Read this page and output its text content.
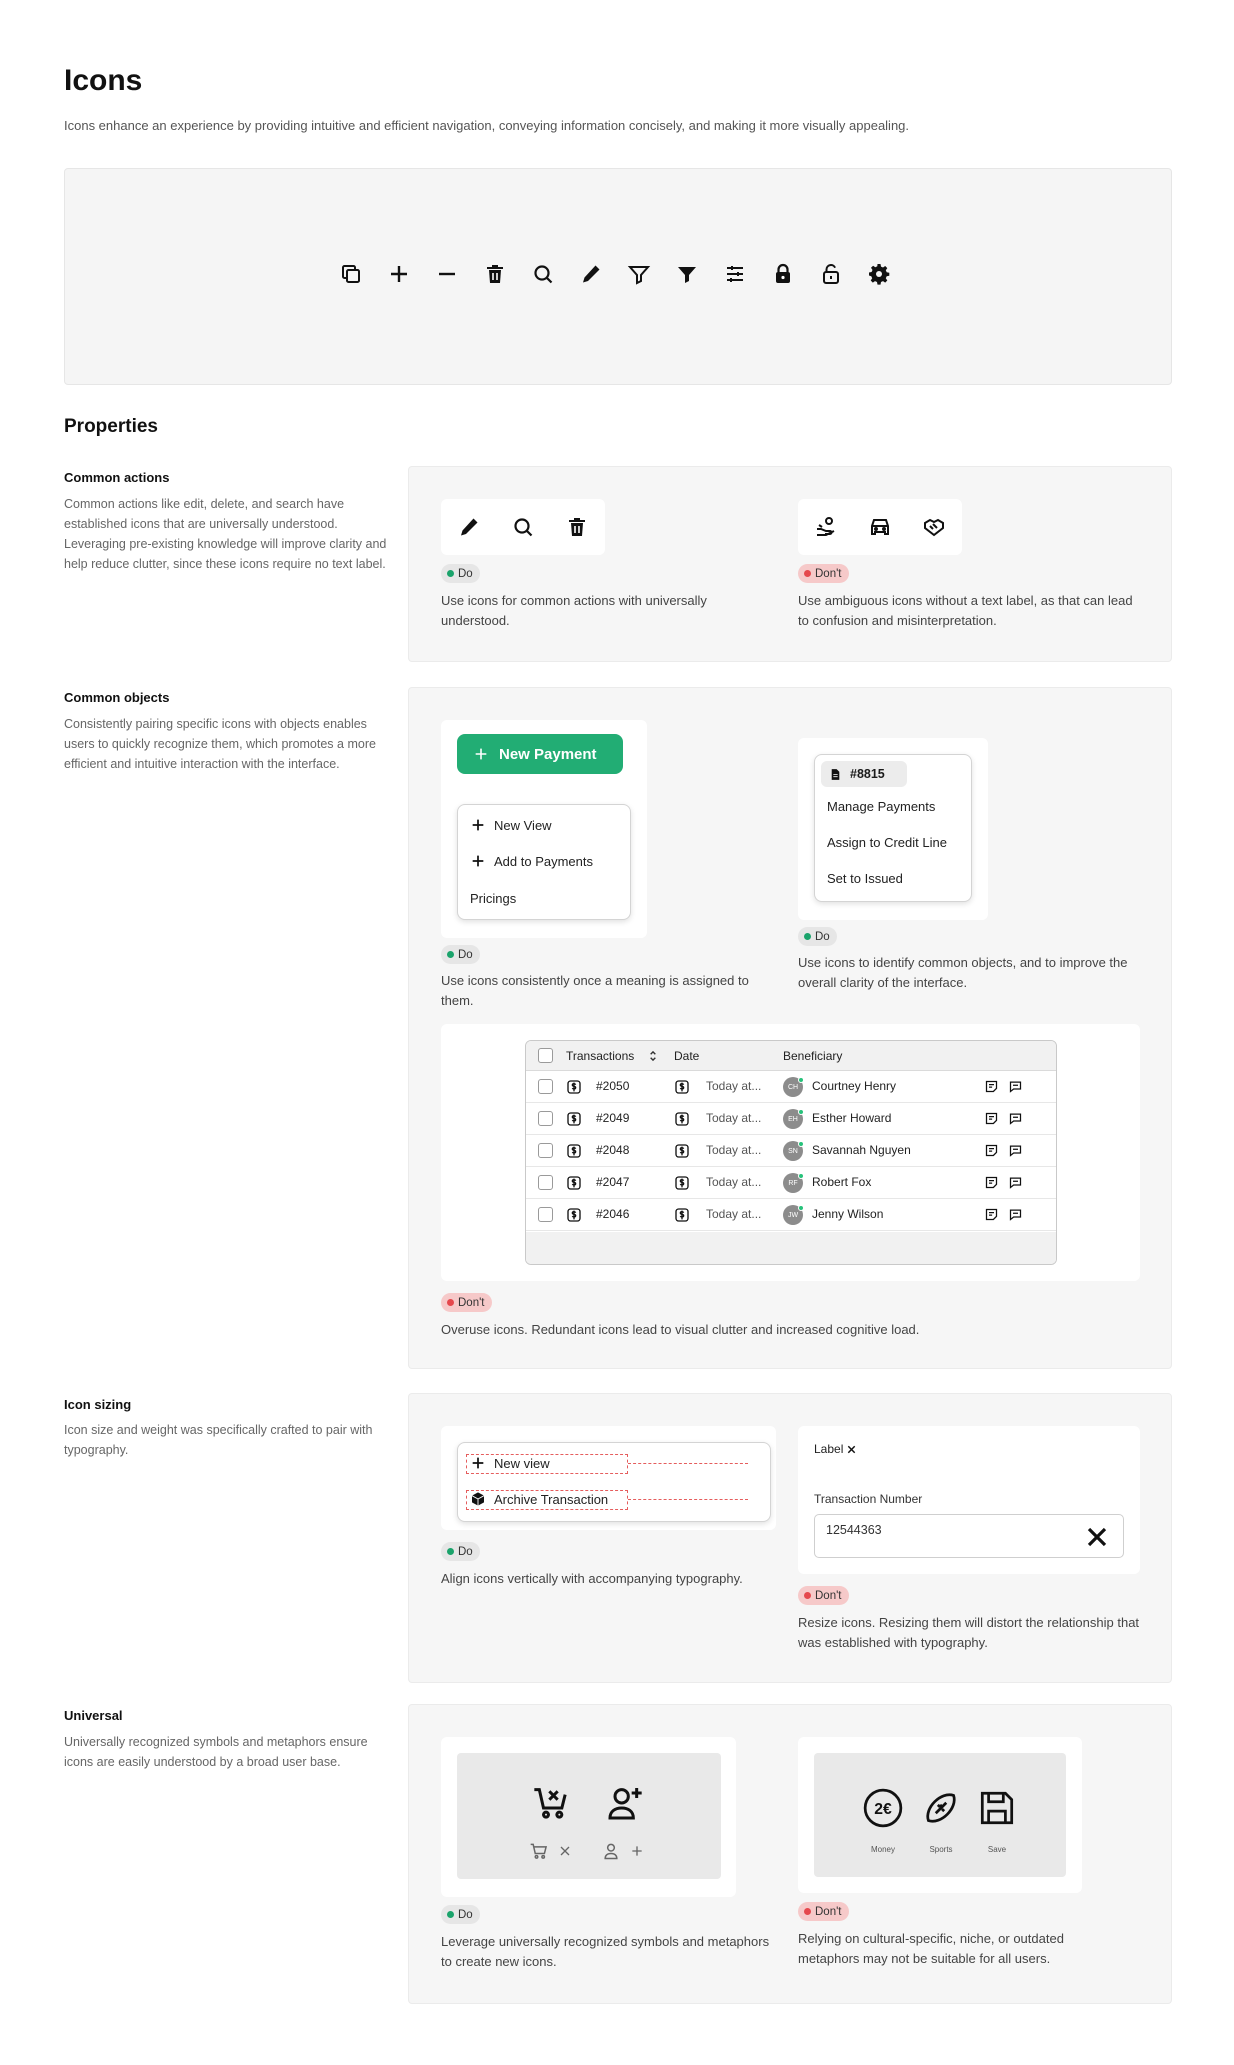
Icons

Icons enhance an experience by providing intuitive and efficient navigation, conveying information concisely, and making it more visually appealing.

Properties
Common actions
Common actions like edit, delete, and search have established icons that are universally understood. Leveraging pre-existing knowledge will improve clarity and help reduce clutter, since these icons require no text label.
Do
Use icons for common actions with universally understood.
Don't
Use ambiguous icons without a text label, as that can lead to confusion and misinterpretation.
Common objects
Consistently pairing specific icons with objects enables users to quickly recognize them, which promotes a more efficient and intuitive interaction with the interface.
New Payment
New View
Add to Payments
Pricings
Do
Use icons consistently once a meaning is assigned to them.
#8815
Manage Payments
Assign to Credit Line
Set to Issued
Do
Use icons to identify common objects, and to improve the overall clarity of the interface.
Transactions	Date	Beneficiary
#2050	Today at...	CH Courtney Henry
#2049	Today at...	EH Esther Howard
#2048	Today at...	SN Savannah Nguyen
#2047	Today at...	RF Robert Fox
#2046	Today at...	JW Jenny Wilson
Don't
Overuse icons. Redundant icons lead to visual clutter and increased cognitive load.
Icon sizing
Icon size and weight was specifically crafted to pair with typography.
New view
Archive Transaction
Do
Align icons vertically with accompanying typography.
Label
Transaction Number
12544363
Don't
Resize icons. Resizing them will distort the relationship that was established with typography.
Universal
Universally recognized symbols and metaphors ensure icons are easily understood by a broad user base.
Do
Leverage universally recognized symbols and metaphors to create new icons.
2€
Money	Sports	Save
Don't
Relying on cultural-specific, niche, or outdated metaphors may not be suitable for all users.
